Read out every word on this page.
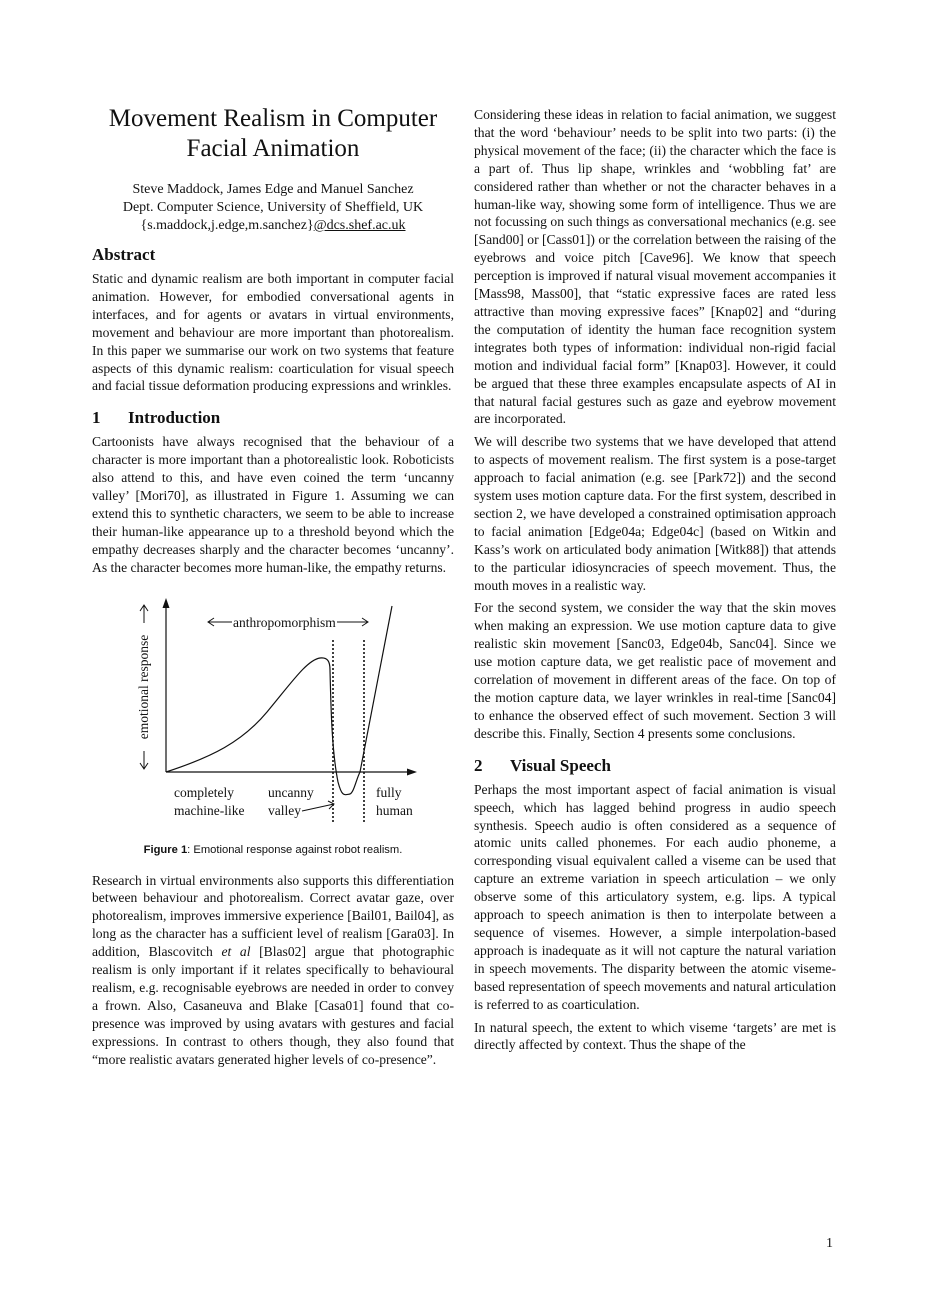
Movement Realism in Computer
Facial Animation
Steve Maddock, James Edge and Manuel Sanchez
Dept. Computer Science, University of Sheffield, UK
{s.maddock,j.edge,m.sanchez}@dcs.shef.ac.uk
Abstract

Static and dynamic realism are both important in computer facial animation. However, for embodied conversational agents in interfaces, and for agents or avatars in virtual environments, movement and behaviour are more important than photorealism. In this paper we summarise our work on two systems that feature aspects of this dynamic realism: coarticulation for visual speech and facial tissue deformation producing expressions and wrinkles.

1 Introduction

Cartoonists have always recognised that the behaviour of a character is more important than a photorealistic look. Roboticists also attend to this, and have even coined the term ‘uncanny valley’ [Mori70], as illustrated in Figure 1. Assuming we can extend this to synthetic characters, we seem to be able to increase their human-like appearance up to a threshold beyond which the empathy decreases sharply and the character becomes ‘uncanny’. As the character becomes more human-like, the empathy returns.

anthropomorphism
emotional response
completely
machine-like
uncanny
valley
fully
human

Figure 1: Emotional response against robot realism.

Research in virtual environments also supports this differentiation between behaviour and photorealism. Correct avatar gaze, over photorealism, improves immersive experience [Bail01, Bail04], as long as the character has a sufficient level of realism [Gara03]. In addition, Blascovitch et al [Blas02] argue that photographic realism is only important if it relates specifically to behavioural realism, e.g. recognisable eyebrows are needed in order to convey a frown. Also, Casaneuva and Blake [Casa01] found that co-presence was improved by using avatars with gestures and facial expressions. In contrast to others though, they also found that “more realistic avatars generated higher levels of co-presence”.

Considering these ideas in relation to facial animation, we suggest that the word ‘behaviour’ needs to be split into two parts: (i) the physical movement of the face; (ii) the character which the face is a part of. Thus lip shape, wrinkles and ‘wobbling fat’ are considered rather than whether or not the character behaves in a human-like way, showing some form of intelligence. Thus we are not focussing on such things as conversational mechanics (e.g. see [Sand00] or [Cass01]) or the correlation between the raising of the eyebrows and voice pitch [Cave96]. We know that speech perception is improved if natural visual movement accompanies it [Mass98, Mass00], that “static expressive faces are rated less attractive than moving expressive faces” [Knap02] and “during the computation of identity the human face recognition system integrates both types of information: individual non-rigid facial motion and individual facial form” [Knap03]. However, it could be argued that these three examples encapsulate aspects of AI in that natural facial gestures such as gaze and eyebrow movement are incorporated.

We will describe two systems that we have developed that attend to aspects of movement realism. The first system is a pose-target approach to facial animation (e.g. see [Park72]) and the second system uses motion capture data. For the first system, described in section 2, we have developed a constrained optimisation approach to facial animation [Edge04a; Edge04c] (based on Witkin and Kass’s work on articulated body animation [Witk88]) that attends to the particular idiosyncracies of speech movement. Thus, the mouth moves in a realistic way.

For the second system, we consider the way that the skin moves when making an expression. We use motion capture data to give realistic skin movement [Sanc03, Edge04b, Sanc04]. Since we use motion capture data, we get realistic pace of movement and correlation of movement in different areas of the face. On top of the motion capture data, we layer wrinkles in real-time [Sanc04] to enhance the observed effect of such movement. Section 3 will describe this. Finally, Section 4 presents some conclusions.

2 Visual Speech

Perhaps the most important aspect of facial animation is visual speech, which has lagged behind progress in audio speech synthesis. Speech audio is often considered as a sequence of atomic units called phonemes. For each audio phoneme, a corresponding visual equivalent called a viseme can be used that capture an extreme variation in speech articulation – we only observe some of this articulatory system, e.g. lips. A typical approach to speech animation is then to interpolate between a sequence of visemes. However, a simple interpolation-based approach is inadequate as it will not capture the natural variation in speech movements. The disparity between the atomic viseme-based representation of speech movements and natural articulation is referred to as coarticulation.

In natural speech, the extent to which viseme ‘targets’ are met is directly affected by context. Thus the shape of the

1
